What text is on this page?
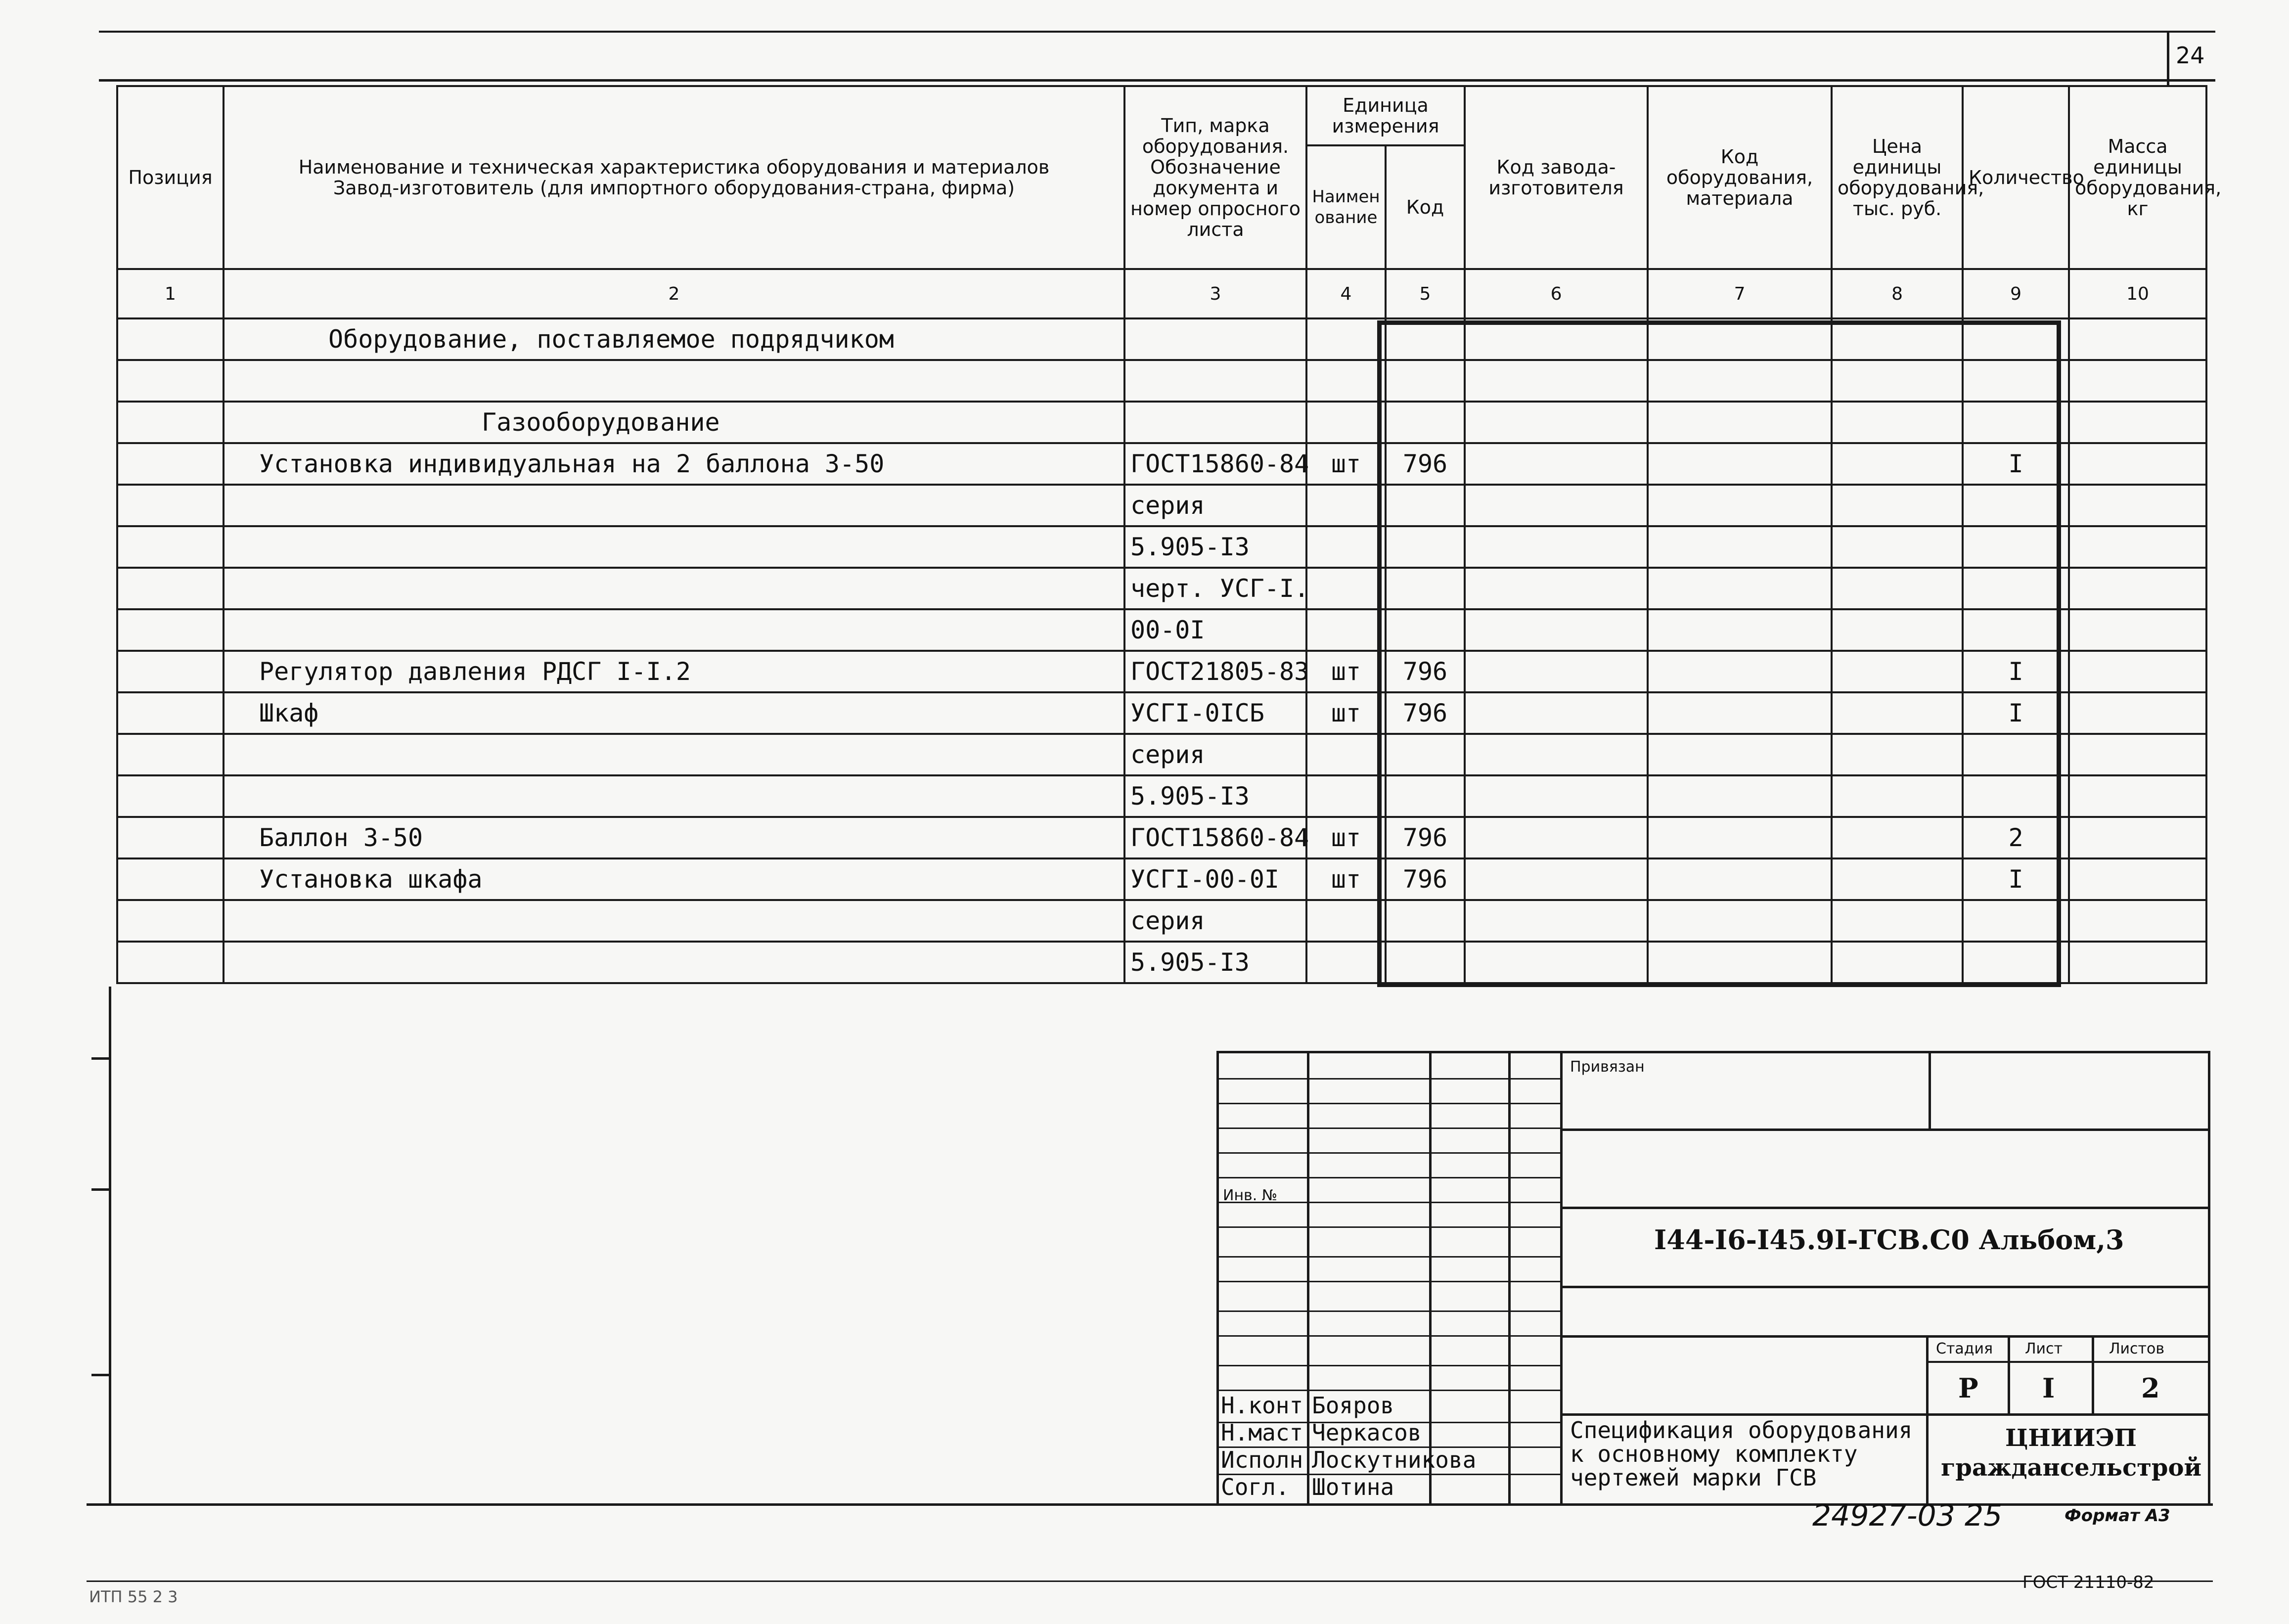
24
Позиция	Наименование и техническая характеристика оборудования и материалов Завод-изготовитель (для импортного оборудования-страна, фирма)	Тип, марка оборудования. Обозначение документа и номер опросного листа	Единица измерения		Код завода-изготовителя	Код оборудования, материала	Цена единицы оборудования, тыс. руб.	Количество	Масса единицы оборудования, кг
			Наименование	Код					
1	2	3	4	5	6	7	8	9	10
	Оборудование, поставляемое подрядчиком								

	Газооборудование								
	Установка индивидуальная на 2 баллона 3-50	ГОСТ15860-84	шт	796				I	
		серия							
		5.905-I3							
		черт. УСГ-I.							
		00-0I							
	Регулятор давления РДСГ I-I.2	ГОСТ21805-83	шт	796				I	
	Шкаф	УСГI-0IСБ	шт	796				I	
		серия							
		5.905-I3							
	Баллон 3-50	ГОСТ15860-84	шт	796				2	
	Установка шкафа	УСГI-00-0I	шт	796				I	
		серия							
		5.905-I3							
Инв. №
Привязан
I44-I6-I45.9I-ГСВ.С0 Альбом,3
Стадия Лист	Листов
Р I	2
Спецификация оборудования
к основному комплекту
чертежей марки ГСВ
ЦНИИЭП
граждансельстрой
Н.конт Бояров
Н.маст Черкасов
Исполн Лоскутникова
Согл. Шотина
24927-03 25	Формат А3
ИТП 55 2 3
ГОСТ 21110-82
